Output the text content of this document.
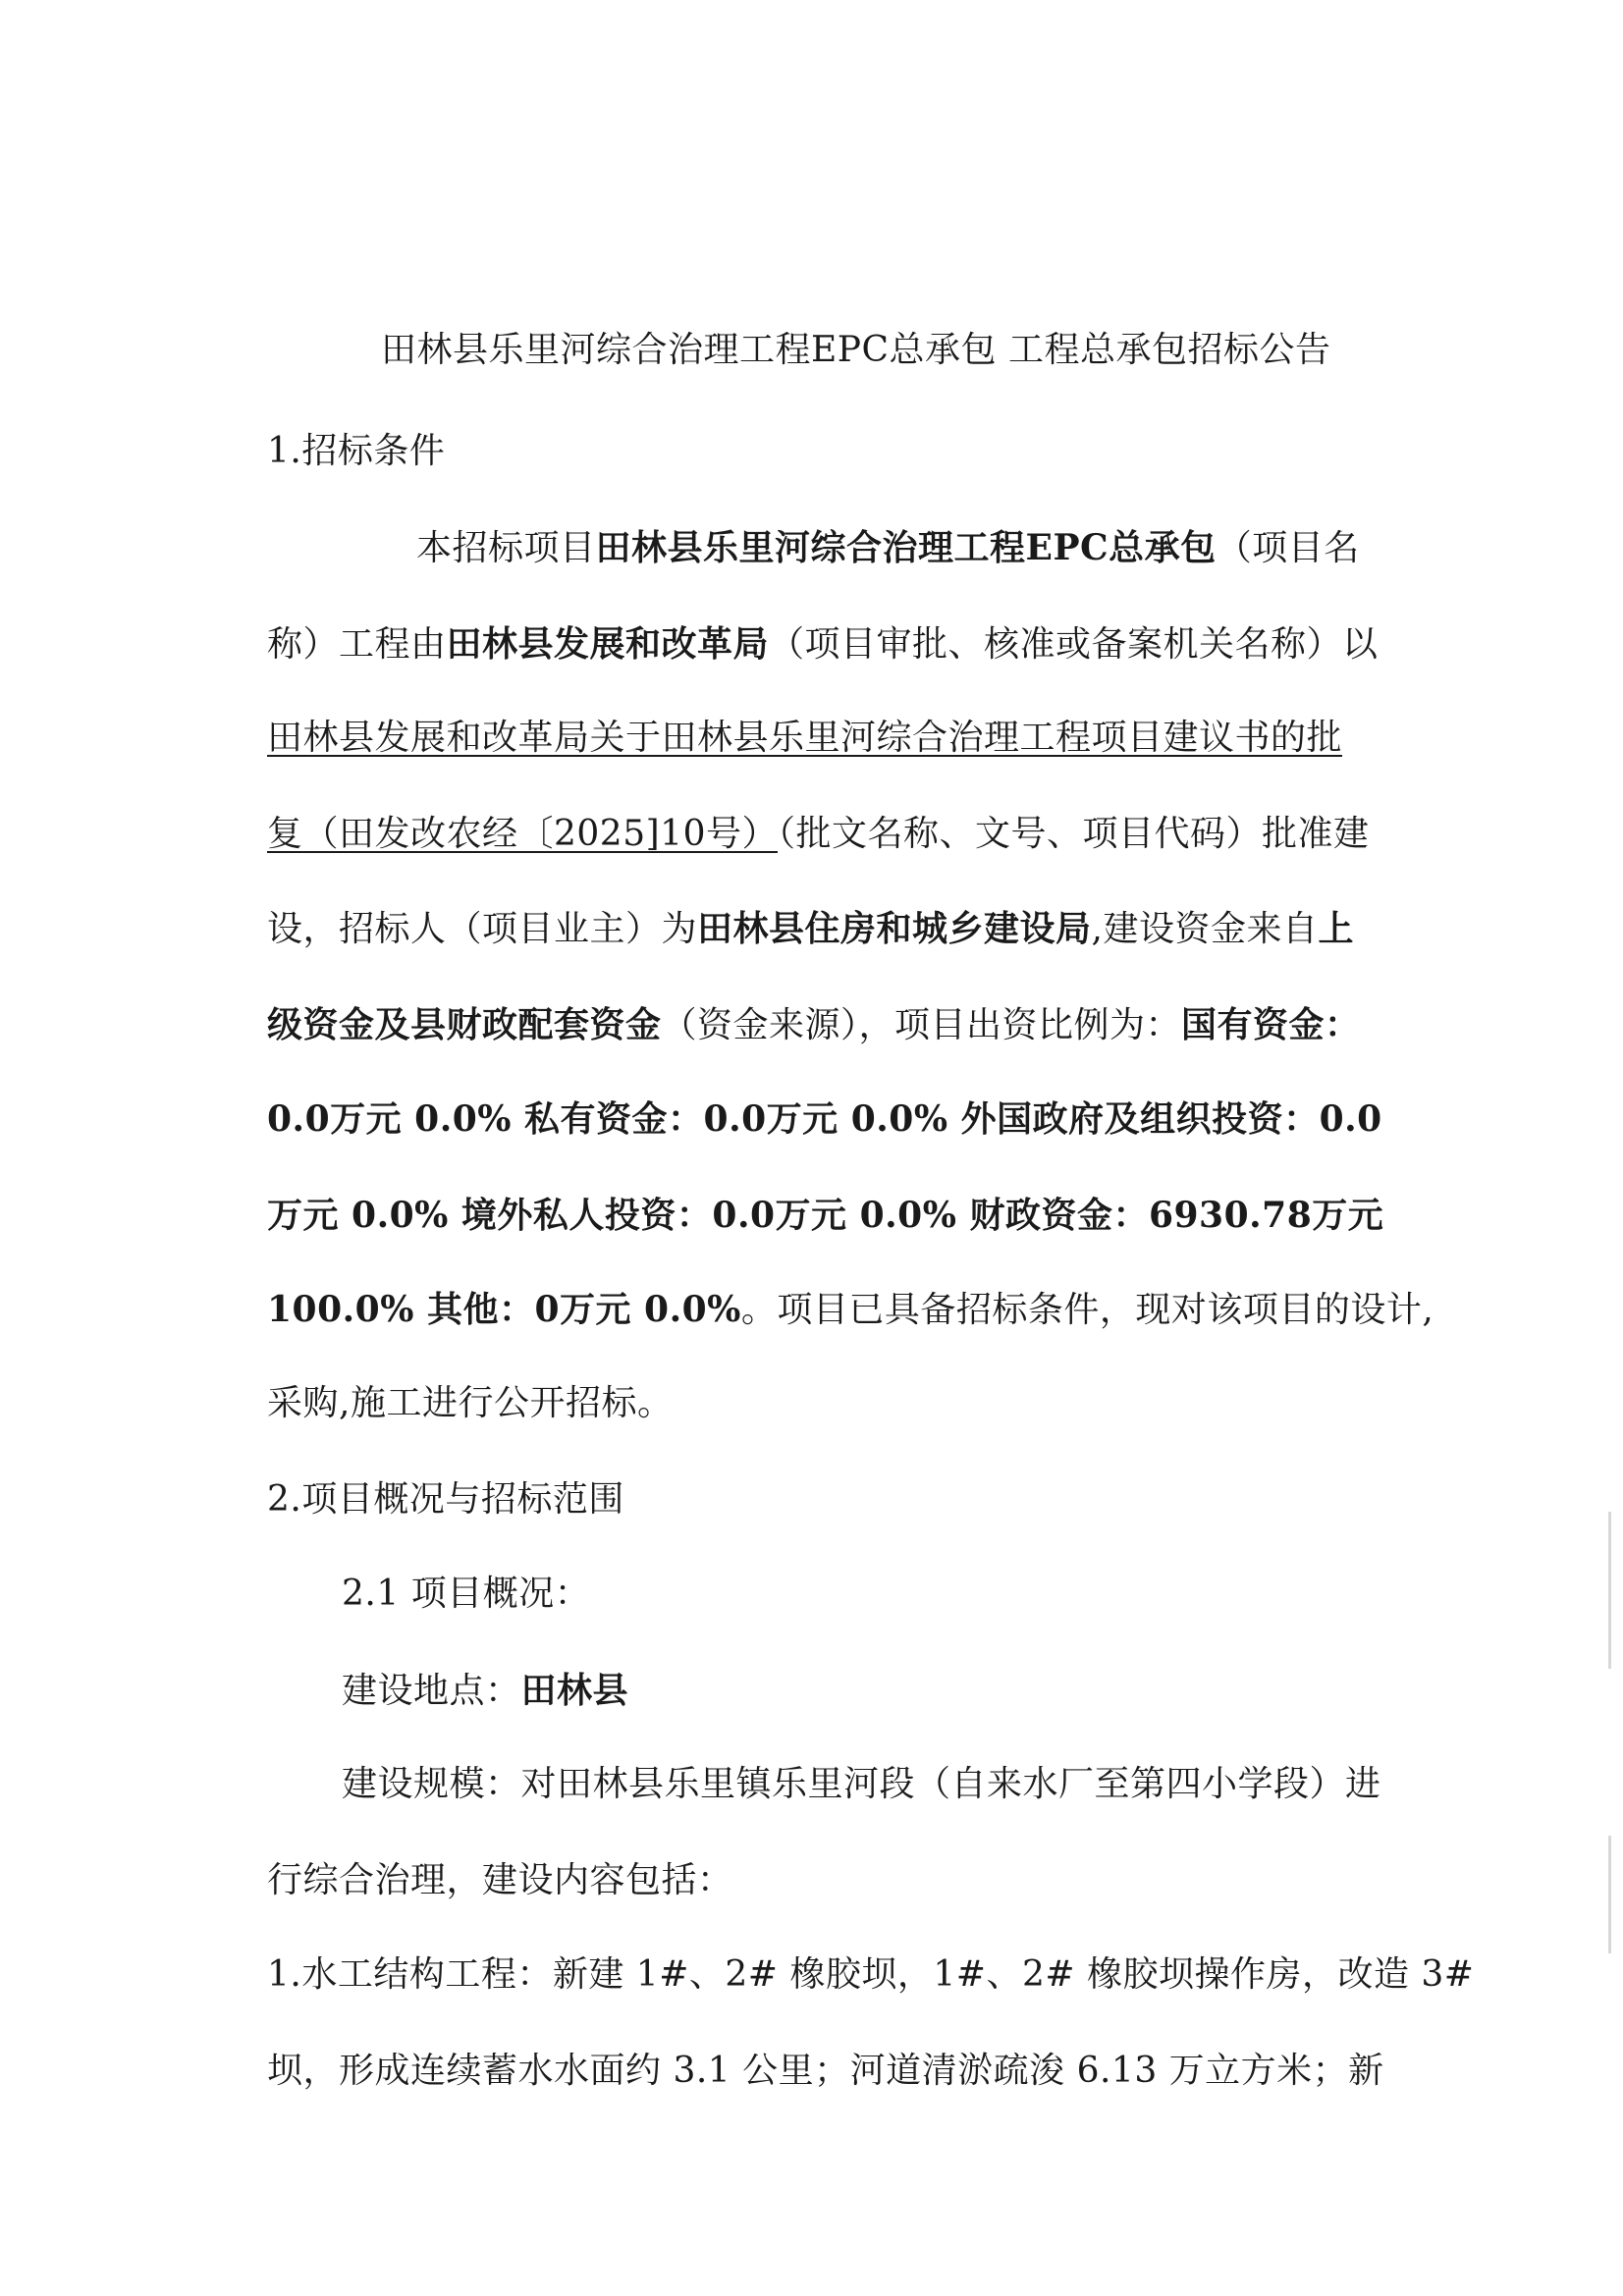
田林县乐里河综合治理工程EPC总承包 工程总承包招标公告
1.招标条件
本招标项目田林县乐里河综合治理工程EPC总承包（项目名
称）工程由田林县发展和改革局（项目审批、核准或备案机关名称）以
田林县发展和改革局关于田林县乐里河综合治理工程项目建议书的批
复（田发改农经〔2025]10号）（批文名称、文号、项目代码）批准建
设，招标人（项目业主）为田林县住房和城乡建设局,建设资金来自上
级资金及县财政配套资金（资金来源），项目出资比例为：国有资金：
0.0万元 0.0% 私有资金：0.0万元 0.0% 外国政府及组织投资：0.0
万元 0.0% 境外私人投资：0.0万元 0.0% 财政资金：6930.78万元
100.0% 其他：0万元 0.0%。项目已具备招标条件，现对该项目的设计,
采购,施工进行公开招标。
2.项目概况与招标范围
2.1 项目概况：
建设地点：田林县
建设规模：对田林县乐里镇乐里河段（自来水厂至第四小学段）进
行综合治理，建设内容包括：
1.水工结构工程：新建 1#、2# 橡胶坝，1#、2# 橡胶坝操作房，改造 3#
坝，形成连续蓄水水面约 3.1 公里；河道清淤疏浚 6.13 万立方米；新
